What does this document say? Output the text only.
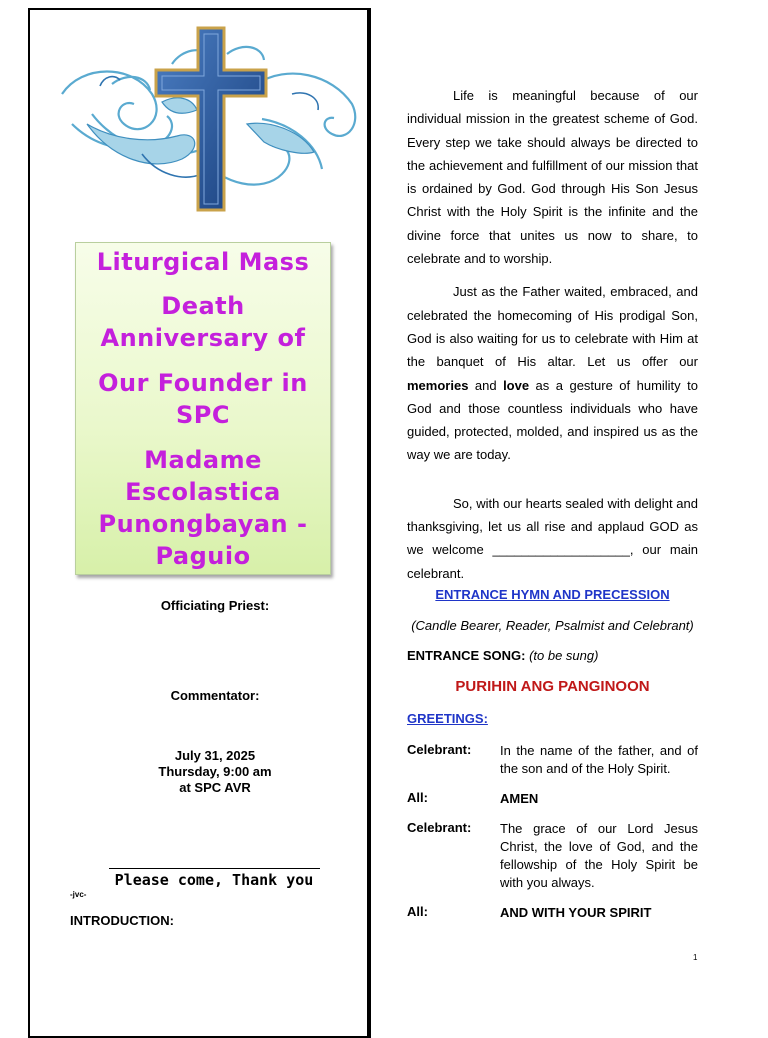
Liturgical Mass

Death Anniversary of

Our Founder in SPC

Madame Escolastica Punongbayan - Paguio

Officiating Priest:
Commentator:
July 31, 2025
Thursday, 9:00 am
at SPC AVR
Please come, Thank you
-jvc-
INTRODUCTION:

Life is meaningful because of our individual mission in the greatest scheme of God. Every step we take should always be directed to the achievement and fulfillment of our mission that is ordained by God. God through His Son Jesus Christ with the Holy Spirit is the infinite and the divine force that unites us now to share, to celebrate and to worship.

Just as the Father waited, embraced, and celebrated the homecoming of His prodigal Son, God is also waiting for us to celebrate with Him at the banquet of His altar. Let us offer our memories and love as a gesture of humility to God and those countless individuals who have guided, protected, molded, and inspired us as the way we are today.

So, with our hearts sealed with delight and thanksgiving, let us all rise and applaud GOD as we welcome ___________________, our main celebrant.

ENTRANCE HYMN AND PRECESSION
(Candle Bearer, Reader, Psalmist and Celebrant)
ENTRANCE SONG: (to be sung)
PURIHIN ANG PANGINOON
GREETINGS:
Celebrant: In the name of the father, and of the son and of the Holy Spirit.
All:	AMEN
Celebrant: The grace of our Lord Jesus Christ, the love of God, and the fellowship of the Holy Spirit be with you always.
All:	AND WITH YOUR SPIRIT
1
